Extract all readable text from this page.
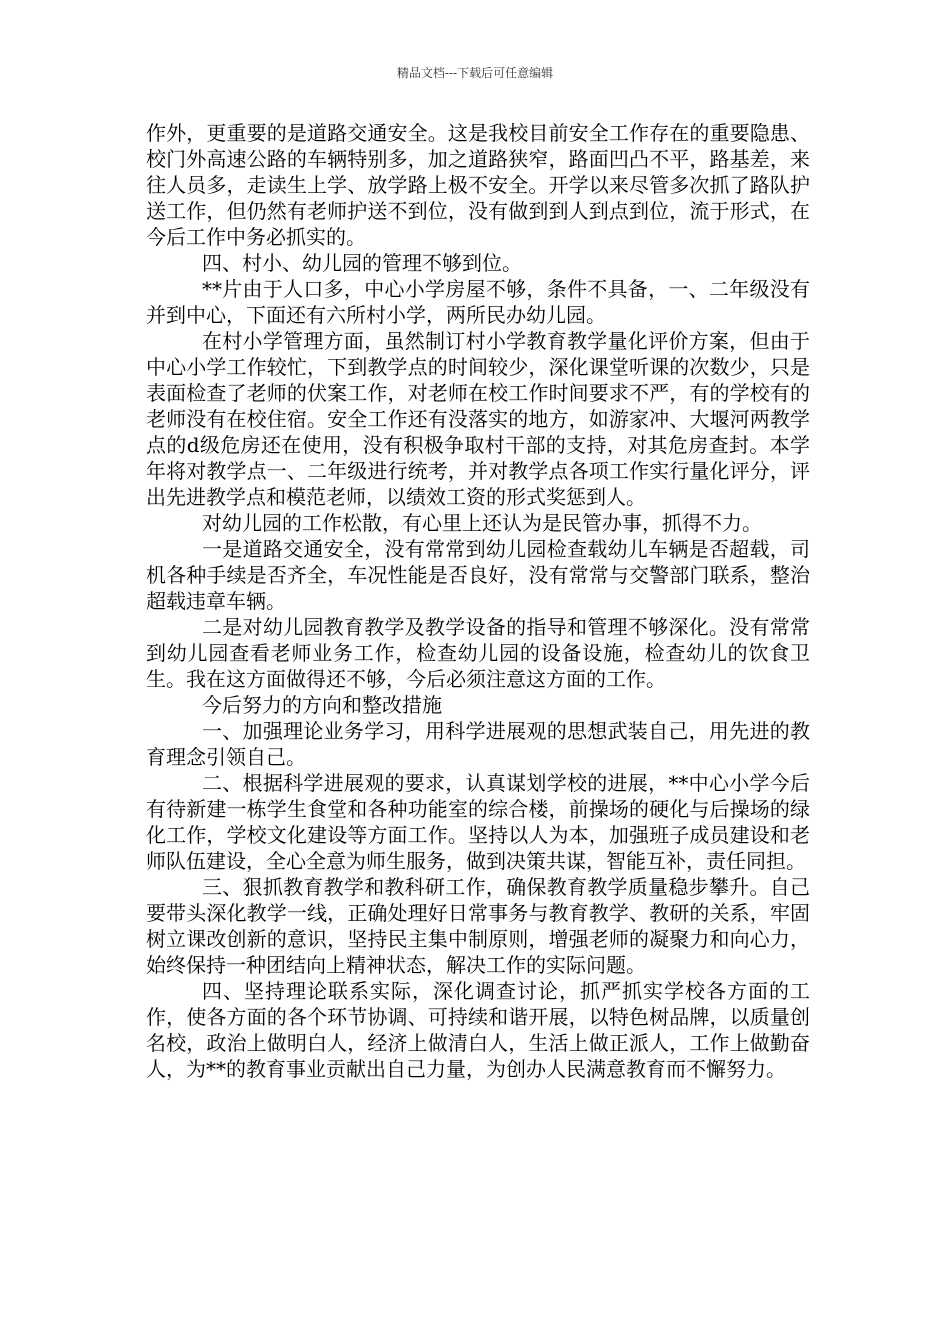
精品文档---下载后可任意编辑

作外，更重要的是道路交通安全。这是我校目前安全工作存在的重要隐患、校门外高速公路的车辆特别多，加之道路狭窄，路面凹凸不平，路基差，来往人员多，走读生上学、放学路上极不安全。开学以来尽管多次抓了路队护送工作，但仍然有老师护送不到位，没有做到到人到点到位，流于形式，在今后工作中务必抓实的。

四、村小、幼儿园的管理不够到位。

**片由于人口多，中心小学房屋不够，条件不具备，一、二年级没有并到中心，下面还有六所村小学，两所民办幼儿园。

在村小学管理方面，虽然制订村小学教育教学量化评价方案，但由于中心小学工作较忙，下到教学点的时间较少，深化课堂听课的次数少，只是表面检查了老师的伏案工作，对老师在校工作时间要求不严，有的学校有的老师没有在校住宿。安全工作还有没落实的地方，如游家冲、大堰河两教学点的d级危房还在使用，没有积极争取村干部的支持，对其危房查封。本学年将对教学点一、二年级进行统考，并对教学点各项工作实行量化评分，评出先进教学点和模范老师，以绩效工资的形式奖惩到人。

对幼儿园的工作松散，有心里上还认为是民管办事，抓得不力。

一是道路交通安全，没有常常到幼儿园检查载幼儿车辆是否超载，司机各种手续是否齐全，车况性能是否良好，没有常常与交警部门联系，整治超载违章车辆。

二是对幼儿园教育教学及教学设备的指导和管理不够深化。没有常常到幼儿园查看老师业务工作，检查幼儿园的设备设施，检查幼儿的饮食卫生。我在这方面做得还不够，今后必须注意这方面的工作。

今后努力的方向和整改措施

一、加强理论业务学习，用科学进展观的思想武装自己，用先进的教育理念引领自己。

二、根据科学进展观的要求，认真谋划学校的进展，**中心小学今后有待新建一栋学生食堂和各种功能室的综合楼，前操场的硬化与后操场的绿化工作，学校文化建设等方面工作。坚持以人为本，加强班子成员建设和老师队伍建设，全心全意为师生服务，做到决策共谋，智能互补，责任同担。

三、狠抓教育教学和教科研工作，确保教育教学质量稳步攀升。自己要带头深化教学一线，正确处理好日常事务与教育教学、教研的关系，牢固树立课改创新的意识，坚持民主集中制原则，增强老师的凝聚力和向心力，始终保持一种团结向上精神状态，解决工作的实际问题。

四、坚持理论联系实际，深化调查讨论，抓严抓实学校各方面的工作，使各方面的各个环节协调、可持续和谐开展，以特色树品牌，以质量创名校，政治上做明白人，经济上做清白人，生活上做正派人，工作上做勤奋人，为**的教育事业贡献出自己力量，为创办人民满意教育而不懈努力。
